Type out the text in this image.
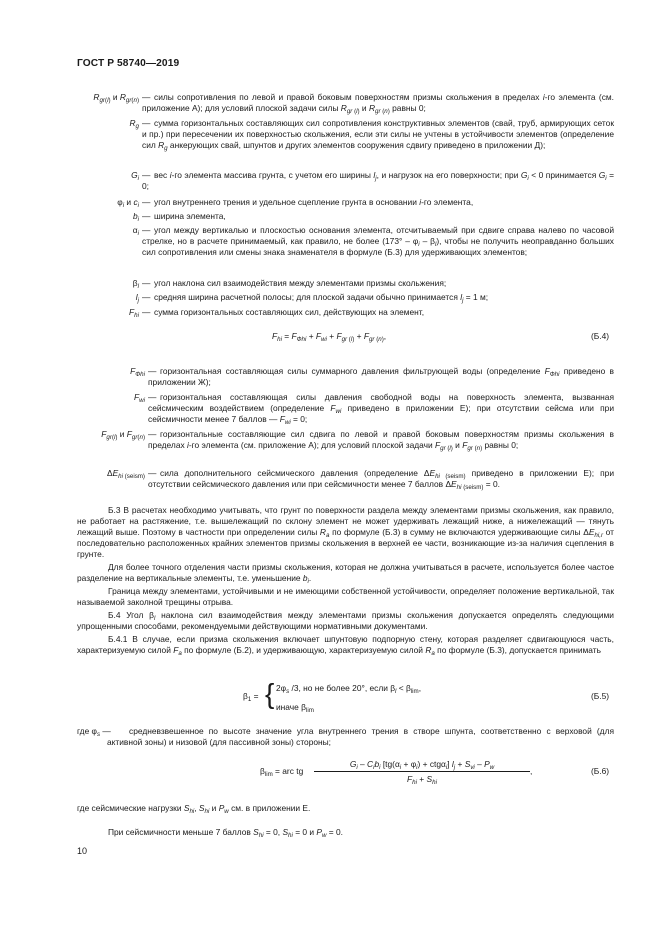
ГОСТ Р 58740—2019
$R_{gr(l)}$ и $R_{gr(n)}$ — силы сопротивления по левой и правой боковым поверхностям призмы скольжения в пределах i-го элемента (см. приложение А); для условий плоской задачи силы $R_{gr (l)}$ и $R_{gr (n)}$ равны 0;
$R_g$ — сумма горизонтальных составляющих сил сопротивления конструктивных элементов (свай, труб, армирующих сеток и пр.) при пересечении их поверхностью скольжения, если эти силы не учтены в устойчивости элементов (определение сил $R_g$ анкерующих свай, шпунтов и других элементов сооружения сдвигу приведено в приложении Д);
$G_i$ — вес i-го элемента массива грунта, с учетом его ширины $l_j$, и нагрузок на его поверхности; при $G_i < 0$ принимается $G_i = 0$;
$\varphi_i$ и $c_i$ — угол внутреннего трения и удельное сцепление грунта в основании i-го элемента,
$b_i$ — ширина элемента,
$\alpha_i$ — угол между вертикалью и плоскостью основания элемента, отсчитываемый при сдвиге справа налево по часовой стрелке, но в расчете принимаемый, как правило, не более $(173^\circ - \varphi_i - \beta_l)$, чтобы не получить неоправданно больших сил сопротивления или смены знака знаменателя в формуле (Б.3) для удерживающих элементов;
$\beta_l$ — угол наклона сил взаимодействия между элементами призмы скольжения;
$l_j$ — средняя ширина расчетной полосы; для плоской задачи обычно принимается $l_j = 1$ м;
$F_{hi}$ — сумма горизонтальных составляющих сил, действующих на элемент,
$F_{hi} = F_{Фhi} + F_{wi} + F_{gr (l)} + F_{gr (n)}$,	(Б.4)
$F_{Фhi}$ — горизонтальная составляющая силы суммарного давления фильтрующей воды (определение $F_{Фhi}$ приведено в приложении Ж);
$F_{wi}$ — горизонтальная составляющая силы давления свободной воды на поверхность элемента, вызванная сейсмическим воздействием (определение $F_{wi}$ приведено в приложении Е); при отсутствии сейсма или при сейсмичности менее 7 баллов — $F_{wi} = 0$;
$F_{gr(l)}$ и $F_{gr(n)}$ — горизонтальные составляющие сил сдвига по левой и правой боковым поверхностям призмы скольжения в пределах i-го элемента (см. приложение А); для условий плоской задачи $F_{gr (l)}$ и $F_{gr (n)}$ равны 0;
$\Delta E_{hi (seism)}$ — сила дополнительного сейсмического давления (определение $\Delta E_{hi (seism)}$ приведено в приложении Е); при отсутствии сейсмического давления или при сейсмичности менее 7 баллов $\Delta E_{hi (seism)} = 0$.
Б.3 В расчетах необходимо учитывать, что грунт по поверхности раздела между элементами призмы скольжения, как правило, не работает на растяжение, т.е. вышележащий по склону элемент не может удерживать лежащий ниже, а нижележащий — тянуть лежащий выше. Поэтому в частности при определении силы $R_a$ по формуле (Б.3) в сумму не включаются удерживающие силы $\Delta E_{hi,r}$ от последовательно расположенных крайних элементов призмы скольжения в верхней ее части, возникающие из-за наличия сцепления в грунте.
Для более точного отделения части призмы скольжения, которая не должна учитываться в расчете, используется более частое разделение на вертикальные элементы, т.е. уменьшение $b_i$.
Граница между элементами, устойчивыми и не имеющими собственной устойчивости, определяет положение вертикальной, так называемой заколной трещины отрыва.
Б.4 Угол $\beta_l$ наклона сил взаимодействия между элементами призмы скольжения допускается определять следующими упрощенными способами, рекомендуемыми действующими нормативными документами.
Б.4.1 В случае, если призма скольжения включает шпунтовую подпорную стену, которая разделяет сдвигающуюся часть, характеризуемую силой $F_a$ по формуле (Б.2), и удерживающую, характеризуемую силой $R_a$ по формуле (Б.3), допускается принимать
$\beta_1$ = { $2\varphi_s$ /3, но не более 20°, если $\beta_l < \beta_{lim}$,
иначе $\beta_{lim}$
(Б.5)
где $\varphi_s$ —	средневзвешенное по высоте значение угла внутреннего трения в створе шпунта, соответственно с верховой (для активной зоны) и низовой (для пассивной зоны) стороны;
$\beta_{lim}$ = arc tg
$G_i - C_ib_i$ $[tg(\alpha_i + \varphi_i) + ctg\alpha_i] l_j + S_{vi} - P_w$
$F_{hi} + S_{hi}$
,	(Б.6)
где сейсмические нагрузки $S_{hi}$, $S_{hi}$ и $P_w$ см. в приложении Е.
При сейсмичности меньше 7 баллов $S_{hi} = 0$, $S_{hi} = 0$ и $P_w = 0$.
10
